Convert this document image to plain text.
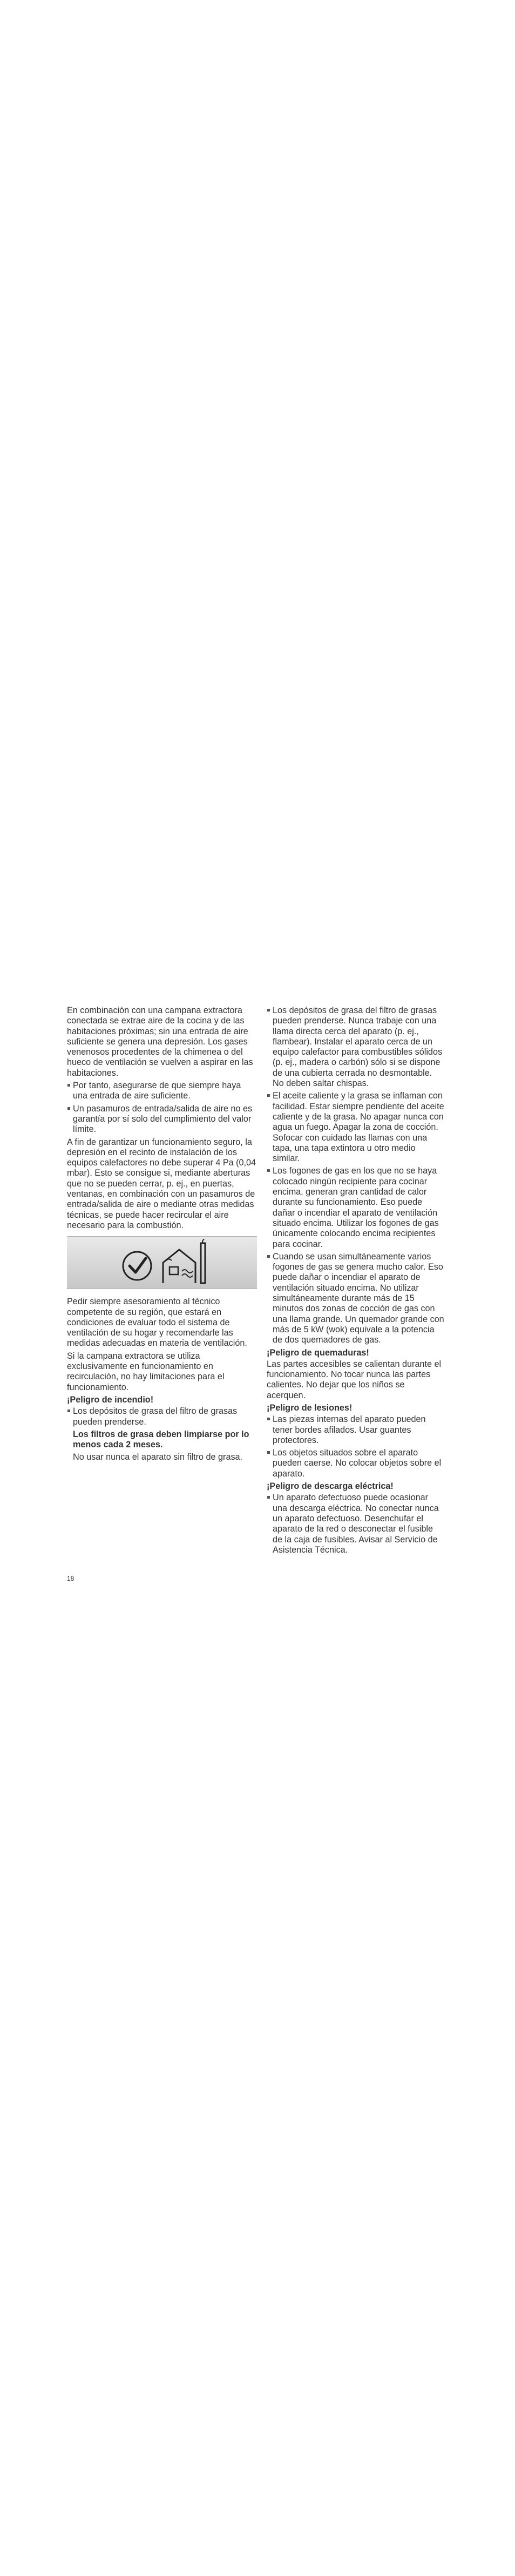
En combinación con una campana extractora conectada se extrae aire de la cocina y de las habitaciones próximas; sin una entrada de aire suficiente se genera una depresión. Los gases venenosos procedentes de la chimenea o del hueco de ventilación se vuelven a aspirar en las habitaciones.

Por tanto, asegurarse de que siempre haya una entrada de aire suficiente.
Un pasamuros de entrada/salida de aire no es garantía por sí solo del cumplimiento del valor límite.

A fin de garantizar un funcionamiento seguro, la depresión en el recinto de instalación de los equipos calefactores no debe superar 4 Pa (0,04 mbar). Esto se consigue si, mediante aberturas que no se pueden cerrar, p. ej., en puertas, ventanas, en combinación con un pasamuros de entrada/salida de aire o mediante otras medidas técnicas, se puede hacer recircular el aire necesario para la combustión.

Pedir siempre asesoramiento al técnico competente de su región, que estará en condiciones de evaluar todo el sistema de ventilación de su hogar y recomendarle las medidas adecuadas en materia de ventilación.

Si la campana extractora se utiliza exclusivamente en funcionamiento en recirculación, no hay limitaciones para el funcionamiento.

¡Peligro de incendio!
Los depósitos de grasa del filtro de grasas pueden prenderse.
Los filtros de grasa deben limpiarse por lo menos cada 2 meses.
No usar nunca el aparato sin filtro de grasa.
Los depósitos de grasa del filtro de grasas pueden prenderse. Nunca trabaje con una llama directa cerca del aparato (p. ej., flambear). Instalar el aparato cerca de un equipo calefactor para combustibles sólidos (p. ej., madera o carbón) sólo si se dispone de una cubierta cerrada no desmontable. No deben saltar chispas.
El aceite caliente y la grasa se inflaman con facilidad. Estar siempre pendiente del aceite caliente y de la grasa. No apagar nunca con agua un fuego. Apagar la zona de cocción. Sofocar con cuidado las llamas con una tapa, una tapa extintora u otro medio similar.
Los fogones de gas en los que no se haya colocado ningún recipiente para cocinar encima, generan gran cantidad de calor durante su funcionamiento. Eso puede dañar o incendiar el aparato de ventilación situado encima. Utilizar los fogones de gas únicamente colocando encima recipientes para cocinar.
Cuando se usan simultáneamente varios fogones de gas se genera mucho calor. Eso puede dañar o incendiar el aparato de ventilación situado encima. No utilizar simultáneamente durante más de 15 minutos dos zonas de cocción de gas con una llama grande. Un quemador grande con más de 5 kW (wok) equivale a la potencia de dos quemadores de gas.
¡Peligro de quemaduras!

Las partes accesibles se calientan durante el funcionamiento. No tocar nunca las partes calientes. No dejar que los niños se acerquen.

¡Peligro de lesiones!
Las piezas internas del aparato pueden tener bordes afilados. Usar guantes protectores.
Los objetos situados sobre el aparato pueden caerse. No colocar objetos sobre el aparato.
¡Peligro de descarga eléctrica!
Un aparato defectuoso puede ocasionar una descarga eléctrica. No conectar nunca un aparato defectuoso. Desenchufar el aparato de la red o desconectar el fusible de la caja de fusibles. Avisar al Servicio de Asistencia Técnica.
18
